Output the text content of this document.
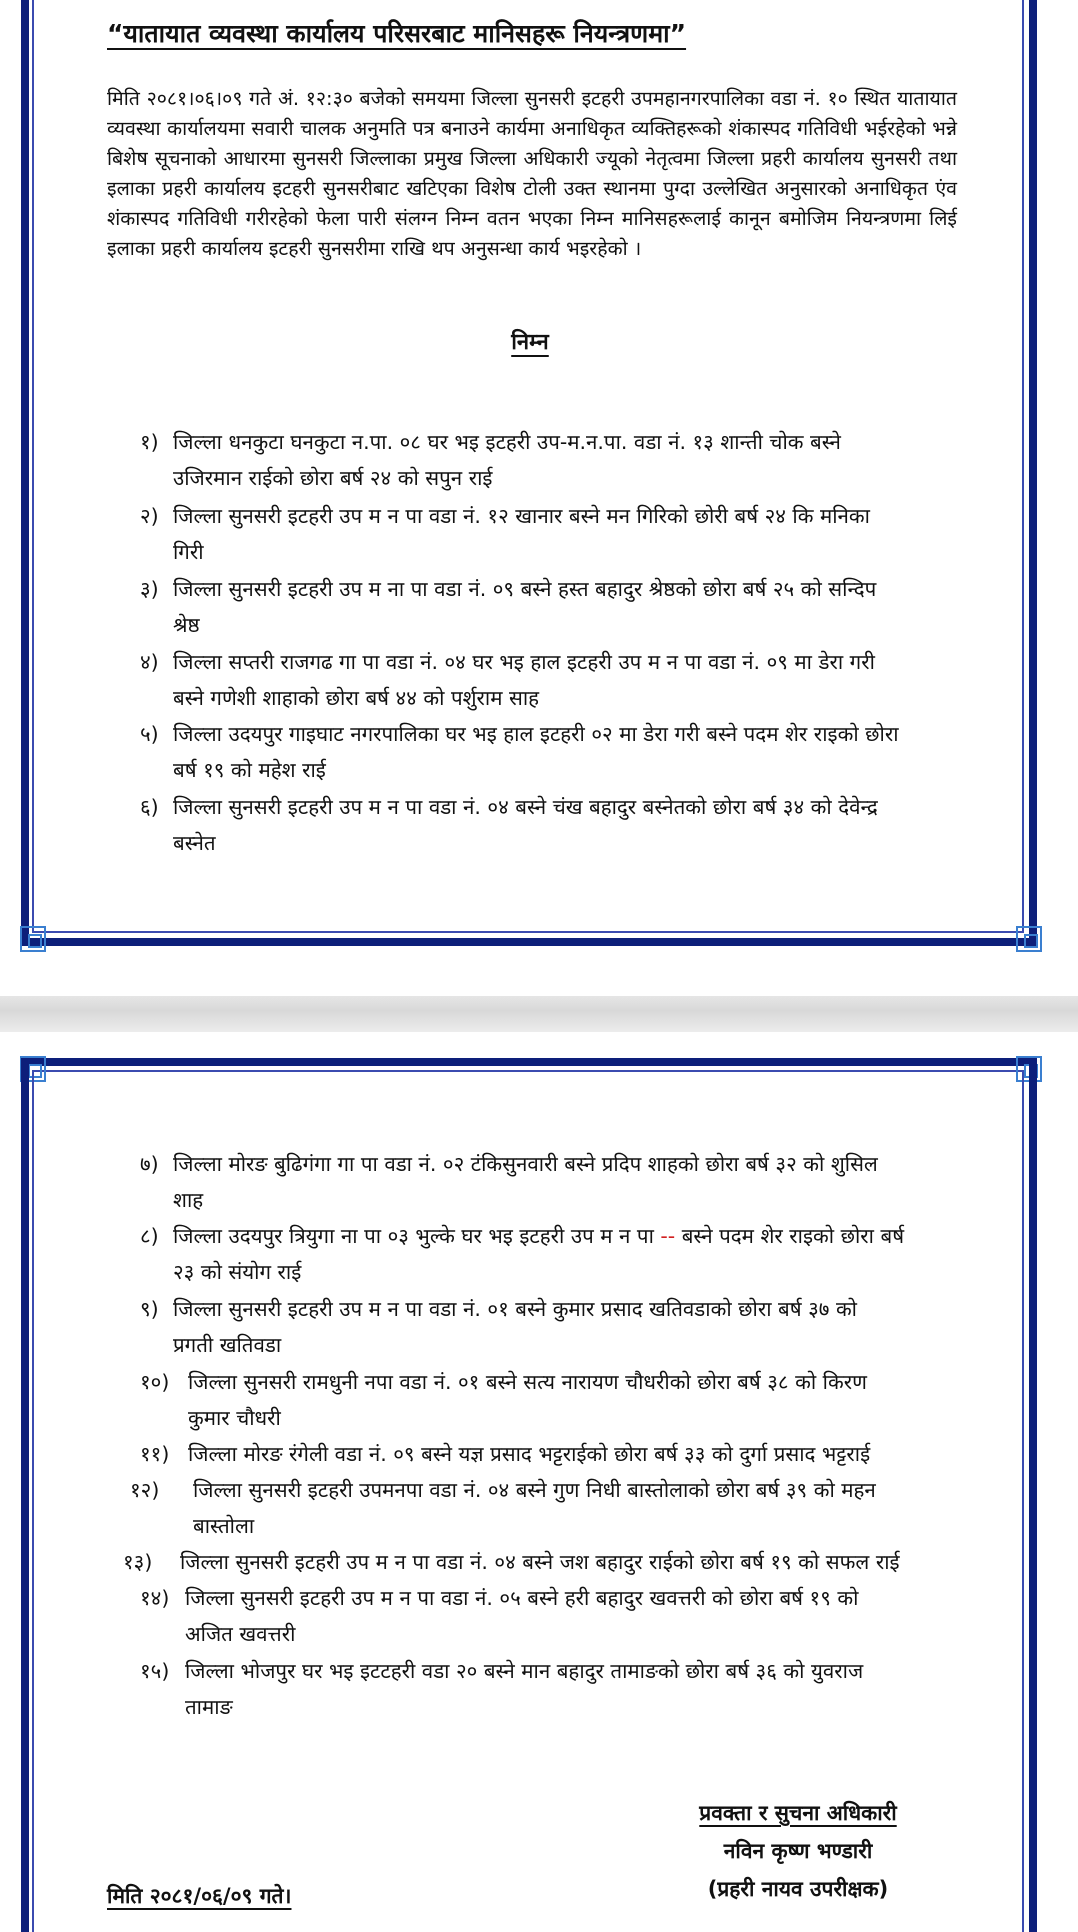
“यातायात व्यवस्था कार्यालय परिसरबाट मानिसहरू नियन्त्रणमा”

मिति २०८१।०६।०९ गते अं. १२:३० बजेको समयमा जिल्ला सुनसरी इटहरी उपमहानगरपालिका वडा नं. १० स्थित यातायात व्यवस्था कार्यालयमा सवारी चालक अनुमति पत्र बनाउने कार्यमा अनाधिकृत व्यक्तिहरूको शंकास्पद गतिविधी भईरहेको भन्ने बिशेष सूचनाको आधारमा सुनसरी जिल्लाका प्रमुख जिल्ला अधिकारी ज्यूको नेतृत्वमा जिल्ला प्रहरी कार्यालय सुनसरी तथा इलाका प्रहरी कार्यालय इटहरी सुनसरीबाट खटिएका विशेष टोली उक्त स्थानमा पुग्दा उल्लेखित अनुसारको अनाधिकृत एंव शंकास्पद गतिविधी गरीरहेको फेला पारी संलग्न निम्न वतन भएका निम्न मानिसहरूलाई कानून बमोजिम नियन्त्रणमा लिई इलाका प्रहरी कार्यालय इटहरी सुनसरीमा राखि थप अनुसन्धा कार्य भइरहेको ।

निम्न
१) जिल्ला धनकुटा घनकुटा न.पा. ०८ घर भइ इटहरी उप-म.न.पा. वडा नं. १३ शान्ती चोक बस्ने
उजिरमान राईको छोरा बर्ष २४ को सपुन राई
२) जिल्ला सुनसरी इटहरी उप म न पा वडा नं. १२ खानार बस्ने मन गिरिको छोरी बर्ष २४ कि मनिका
गिरी
३) जिल्ला सुनसरी इटहरी उप म ना पा वडा नं. ०९ बस्ने हस्त बहादुर श्रेष्ठको छोरा बर्ष २५ को सन्दिप
श्रेष्ठ
४) जिल्ला सप्तरी राजगढ गा पा वडा नं. ०४ घर भइ हाल इटहरी उप म न पा वडा नं. ०९ मा डेरा गरी
बस्ने गणेशी शाहाको छोरा बर्ष ४४ को पर्शुराम साह
५) जिल्ला उदयपुर गाइघाट नगरपालिका घर भइ हाल इटहरी ०२ मा डेरा गरी बस्ने पदम शेर राइको छोरा
बर्ष १९ को महेश राई
६) जिल्ला सुनसरी इटहरी उप म न पा वडा नं. ०४ बस्ने चंख बहादुर बस्नेतको छोरा बर्ष ३४ को देवेन्द्र
बस्नेत
७) जिल्ला मोरङ बुढिगंगा गा पा वडा नं. ०२ टंकिसुनवारी बस्ने प्रदिप शाहको छोरा बर्ष ३२ को शुसिल
शाह
८) जिल्ला उदयपुर त्रियुगा ना पा ०३ भुल्के घर भइ इटहरी उप म न पा -- बस्ने पदम शेर राइको छोरा बर्ष
२३ को संयोग राई
९) जिल्ला सुनसरी इटहरी उप म न पा वडा नं. ०१ बस्ने कुमार प्रसाद खतिवडाको छोरा बर्ष ३७ को
प्रगती खतिवडा
१०) जिल्ला सुनसरी रामधुनी नपा वडा नं. ०१ बस्ने सत्य नारायण चौधरीको छोरा बर्ष ३८ को किरण
कुमार चौधरी
११) जिल्ला मोरङ रंगेली वडा नं. ०९ बस्ने यज्ञ प्रसाद भट्टराईको छोरा बर्ष ३३ को दुर्गा प्रसाद भट्टराई
१२) जिल्ला सुनसरी इटहरी उपमनपा वडा नं. ०४ बस्ने गुण निधी बास्तोलाको छोरा बर्ष ३९ को महन
बास्तोला
१३) जिल्ला सुनसरी इटहरी उप म न पा वडा नं. ०४ बस्ने जश बहादुर राईको छोरा बर्ष १९ को सफल राई
१४) जिल्ला सुनसरी इटहरी उप म न पा वडा नं. ०५ बस्ने हरी बहादुर खवत्तरी को छोरा बर्ष १९ को
अजित खवत्तरी
१५) जिल्ला भोजपुर घर भइ इटटहरी वडा २० बस्ने मान बहादुर तामाङको छोरा बर्ष ३६ को युवराज
तामाङ
प्रवक्ता र सुचना अधिकारी
नविन कृष्ण भण्डारी
(प्रहरी नायव उपरीक्षक)

मिति २०८१/०६/०९ गते।
